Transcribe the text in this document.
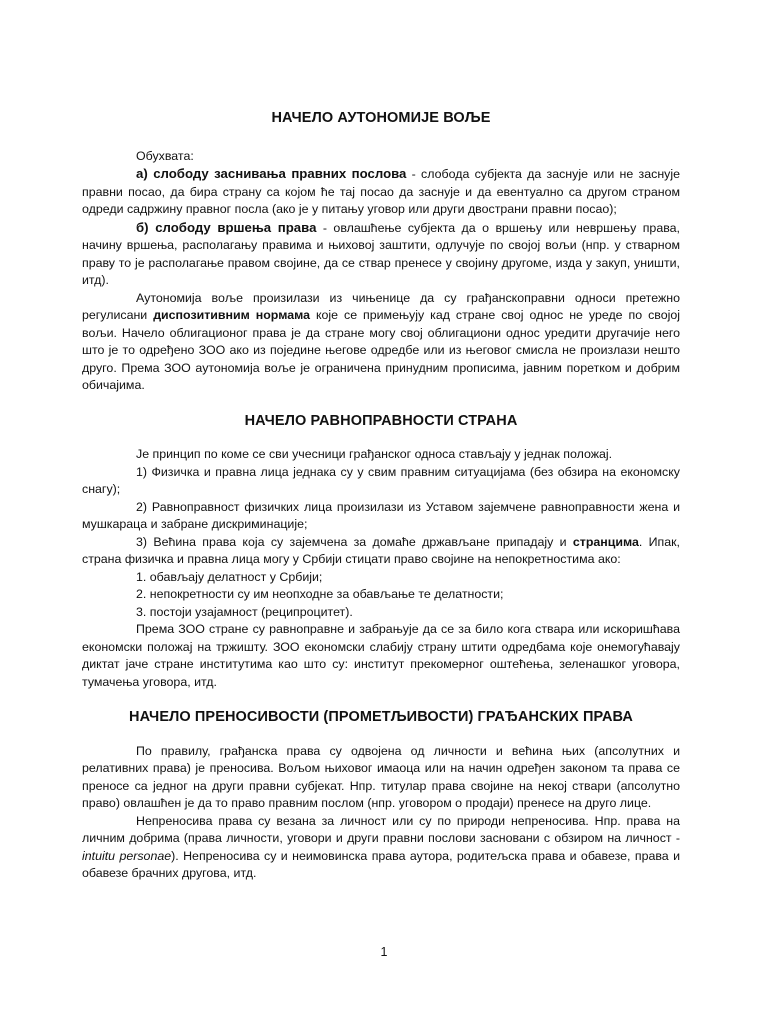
НАЧЕЛО АУТОНОМИЈЕ ВОЉЕ

Обухвата:

а) слободу заснивања правних послова - слобода субјекта да заснује или не заснује правни посао, да бира страну са којом ће тај посао да заснује и да евентуално са другом страном одреди садржину правног посла (ако је у питању уговор или други двострани правни посао);

б) слободу вршења права - овлашћење субјекта да о вршењу или невршењу права, начину вршења, располагању правима и њиховој заштити, одлучује по својој вољи (нпр. у стварном праву то је располагање правом својине, да се ствар пренесе у својину другоме, изда у закуп, уништи, итд).

Аутономија воље произилази из чињенице да су грађанскоправни односи претежно регулисани диспозитивним нормама које се примењују кад стране свој однос не уреде по својој вољи. Начело облигационог права је да стране могу свој облигациони однос уредити другачије него што је то одређено ЗОО ако из поједине његове одредбе или из његовог смисла не произлази нешто друго. Према ЗОО аутономија воље је ограничена принудним прописима, јавним поретком и добрим обичајима.

НАЧЕЛО РАВНОПРАВНОСТИ СТРАНА

Је принцип по коме се сви учесници грађанског односа стављају у једнак положај.

1) Физичка и правна лица једнака су у свим правним ситуацијама (без обзира на економску снагу);

2) Равноправност физичких лица произилази из Уставом зајемчене равноправности жена и мушкараца и забране дискриминације;

3) Већина права која су зајемчена за домаће држављане припадају и странцима. Ипак, страна физичка и правна лица могу у Србији стицати право својине на непокретностима ако:

1. обављају делатност у Србији;

2. непокретности су им неопходне за обављање те делатности;

3. постоји узајамност (реципроцитет).

Према ЗОО стране су равноправне и забрањује да се за било кога ствара или искоришћава економски положај на тржишту. ЗОО економски слабију страну штити одредбама које онемогућавају диктат јаче стране институтима као што су: институт прекомерног оштећења, зеленашког уговора, тумачења уговора, итд.

НАЧЕЛО ПРЕНОСИВОСТИ (ПРОМЕТЉИВОСТИ) ГРАЂАНСКИХ ПРАВА

По правилу, грађанска права су одвојена од личности и већина њих (апсолутних и релативних права) је преносива. Вољом њиховог имаоца или на начин одређен законом та права се преносе са једног на други правни субјекат. Нпр. титулар права својине на некој ствари (апсолутно право) овлашћен је да то право правним послом (нпр. уговором о продаји) пренесе на друго лице.

Непреносива права су везана за личност или су по природи непреносива. Нпр. права на личним добрима (права личности, уговори и други правни послови засновани с обзиром на личност - intuitu personae). Непреносива су и неимовинска права аутора, родитељска права и обавезе, права и обавезе брачних другова, итд.

1
